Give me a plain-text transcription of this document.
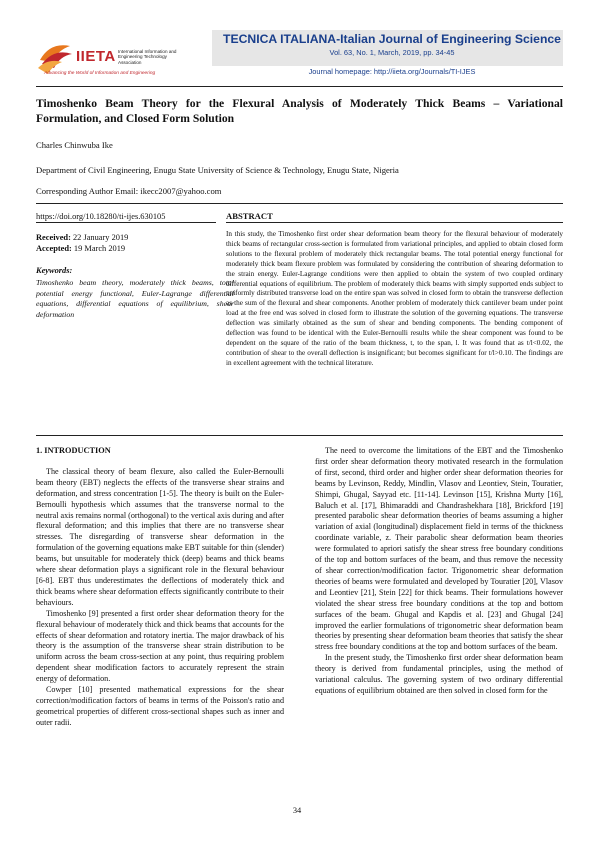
IIETA International Information and
Engineering Technology Association
Advancing the World of Information and Engineering
TECNICA ITALIANA-Italian Journal of Engineering Science
Vol. 63, No. 1, March, 2019, pp. 34-45
Journal homepage: http://iieta.org/Journals/TI-IJES
Timoshenko Beam Theory for the Flexural Analysis of Moderately Thick Beams – Variational Formulation, and Closed Form Solution
Charles Chinwuba Ike
Department of Civil Engineering, Enugu State University of Science & Technology, Enugu State, Nigeria
Corresponding Author Email: ikecc2007@yahoo.com
https://doi.org/10.18280/ti-ijes.630105
Received: 22 January 2019
Accepted: 19 March 2019
Keywords:
Timoshenko beam theory, moderately thick beams, total potential energy functional, Euler-Lagrange differential equations, differential equations of equilibrium, shear deformation
ABSTRACT
In this study, the Timoshenko first order shear deformation beam theory for the flexural behaviour of moderately thick beams of rectangular cross-section is formulated from variational principles, and applied to obtain closed form solutions to the flexural problem of moderately thick rectangular beams. The total potential energy functional for moderately thick beam flexure problem was formulated by considering the contribution of shearing deformation to the strain energy. Euler-Lagrange conditions were then applied to obtain the system of two coupled ordinary differential equations of equilibrium. The problem of moderately thick beams with simply supported ends subject to uniformly distributed transverse load on the entire span was solved in closed form to obtain the transverse deflection as the sum of the flexural and shear components. Another problem of moderately thick cantilever beam under point load at the free end was solved in closed form to illustrate the solution of the governing equations. The transverse deflection was similarly obtained as the sum of shear and bending components. The bending component of deflection was found to be identical with the Euler-Bernoulli results while the shear component was found to be dependent on the square of the ratio of the beam thickness, t, to the span, l. It was found that as t/l<0.02, the contribution of shear to the overall deflection is insignificant; but becomes significant for t/l>0.10. The findings are in excellent agreement with the technical literature.

1. INTRODUCTION

The classical theory of beam flexure, also called the Euler-Bernoulli beam theory (EBT) neglects the effects of the transverse shear strains and deformation, and stress concentration [1-5]. The theory is built on the Euler-Bernoulli hypothesis which assumes that the transverse normal to the neutral axis remains normal (orthogonal) to the vertical axis during and after flexural deformation; and this implies that there are no transverse shear stresses. The disregarding of transverse shear deformation in the formulation of the governing equations make EBT suitable for thin (slender) beams, but unsuitable for moderately thick (deep) beams and thick beams where shear deformation plays a significant role in the flexural behaviour [6-8]. EBT thus underestimates the deflections of moderately thick and thick beams where shear deformation effects significantly contribute to their behaviours.

Timoshenko [9] presented a first order shear deformation theory for the flexural behaviour of moderately thick and thick beams that accounts for the effects of shear deformation and rotatory inertia. The major drawback of his theory is the assumption of the transverse shear strain distribution to be uniform across the beam cross-section at any point, thus requiring problem dependent shear modification factors to accurately represent the strain energy of deformation.

Cowper [10] presented mathematical expressions for the shear correction/modification factors of beams in terms of the Poisson's ratio and geometrical properties of different cross-sectional shapes such as inner and outer radii.

The need to overcome the limitations of the EBT and the Timoshenko first order shear deformation theory motivated research in the formulation of first, second, third order and higher order shear deformation theories for beams by Levinson, Reddy, Mindlin, Vlasov and Leontiev, Stein, Touratier, Shimpi, Ghugal, Sayyad etc. [11-14]. Levinson [15], Krishna Murty [16], Baluch et al. [17], Bhimaraddi and Chandrashekhara [18], Brickford [19] presented parabolic shear deformation theories of beams assuming a higher variation of axial (longitudinal) displacement field in terms of the thickness coordinate variable, z. Their parabolic shear deformation beam theories were formulated to apriori satisfy the shear stress free boundary conditions of the top and bottom surfaces of the beam, and thus remove the necessity of shear correction/modification factor. Trigonometric shear deformation theories of beams were formulated and developed by Touratier [20], Vlasov and Leontiev [21], Stein [22] for thick beams. Their formulations however violated the shear stress free boundary conditions at the top and bottom surfaces of the beam. Ghugal and Kapdis et al. [23] and Ghugal [24] improved the earlier formulations of trigonometric shear deformation beam theories by presenting shear deformation beam theories that satisfy the shear stress free boundary conditions at the top and bottom surfaces of the beam.

In the present study, the Timoshenko first order shear deformation beam theory is derived from fundamental principles, using the method of variational calculus. The governing system of two ordinary differential equations of equilibrium obtained are then solved in closed form for the

34
